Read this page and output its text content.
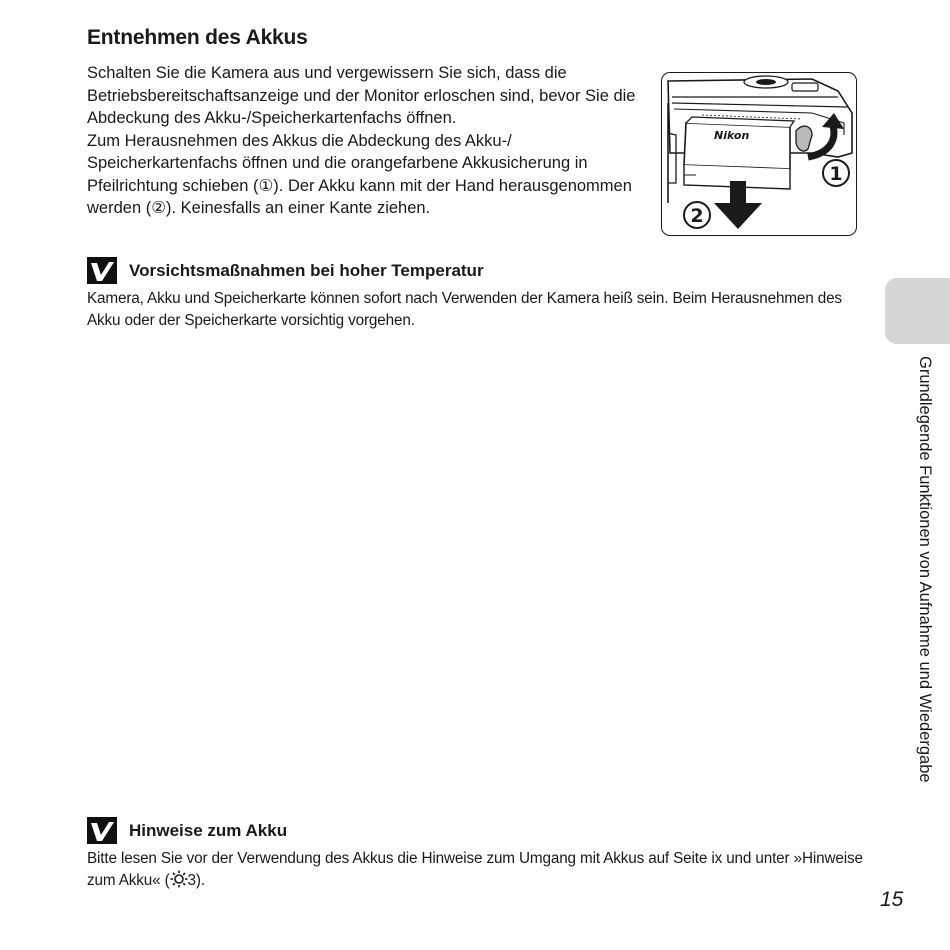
Entnehmen des Akkus

Schalten Sie die Kamera aus und vergewissern Sie sich, dass die Betriebsbereitschaftsanzeige und der Monitor erloschen sind, bevor Sie die Abdeckung des Akku-/Speicherkartenfachs öffnen.

Zum Herausnehmen des Akkus die Abdeckung des Akku-/ Speicherkartenfachs öffnen und die orangefarbene Akkusicherung in Pfeilrichtung schieben (①). Der Akku kann mit der Hand herausgenommen werden (②). Keinesfalls an einer Kante ziehen.

Nikon
1
2
Vorsichtsmaßnahmen bei hoher Temperatur

Kamera, Akku und Speicherkarte können sofort nach Verwenden der Kamera heiß sein. Beim Herausnehmen des Akku oder der Speicherkarte vorsichtig vorgehen.

Hinweise zum Akku

Bitte lesen Sie vor der Verwendung des Akkus die Hinweise zum Umgang mit Akkus auf Seite ix und unter »Hinweise zum Akku« ( 3).

Grundlegende Funktionen von Aufnahme und Wiedergabe
15
